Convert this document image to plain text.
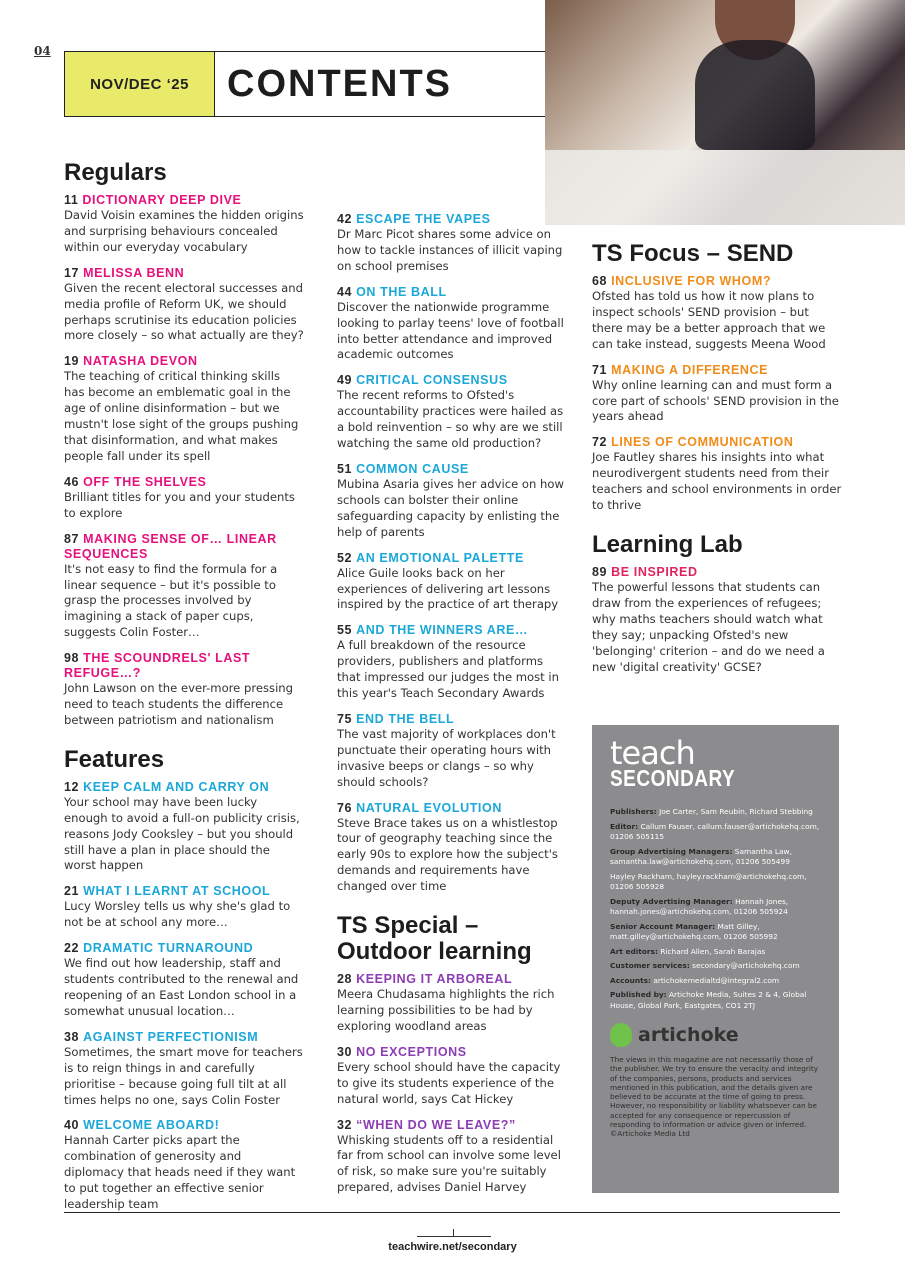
04
NOV/DEC ‘25	CONTENTS
Regulars
11 DICTIONARY DEEP DIVE
David Voisin examines the hidden origins and surprising behaviours concealed within our everyday vocabulary
17 MELISSA BENN
Given the recent electoral successes and media profile of Reform UK, we should perhaps scrutinise its education policies more closely – so what actually are they?
19 NATASHA DEVON
The teaching of critical thinking skills has become an emblematic goal in the age of online disinformation – but we mustn't lose sight of the groups pushing that disinformation, and what makes people fall under its spell
46 OFF THE SHELVES
Brilliant titles for you and your students to explore
87 MAKING SENSE OF… LINEAR SEQUENCES
It's not easy to find the formula for a linear sequence – but it's possible to grasp the processes involved by imagining a stack of paper cups, suggests Colin Foster…
98 THE SCOUNDRELS' LAST REFUGE…?
John Lawson on the ever-more pressing need to teach students the difference between patriotism and nationalism
Features
12 KEEP CALM AND CARRY ON
Your school may have been lucky enough to avoid a full-on publicity crisis, reasons Jody Cooksley – but you should still have a plan in place should the worst happen
21 WHAT I LEARNT AT SCHOOL
Lucy Worsley tells us why she's glad to not be at school any more…
22 DRAMATIC TURNAROUND
We find out how leadership, staff and students contributed to the renewal and reopening of an East London school in a somewhat unusual location…
38 AGAINST PERFECTIONISM
Sometimes, the smart move for teachers is to reign things in and carefully prioritise – because going full tilt at all times helps no one, says Colin Foster
40 WELCOME ABOARD!
Hannah Carter picks apart the combination of generosity and diplomacy that heads need if they want to put together an effective senior leadership team
42 ESCAPE THE VAPES
Dr Marc Picot shares some advice on how to tackle instances of illicit vaping on school premises
44 ON THE BALL
Discover the nationwide programme looking to parlay teens' love of football into better attendance and improved academic outcomes
49 CRITICAL CONSENSUS
The recent reforms to Ofsted's accountability practices were hailed as a bold reinvention – so why are we still watching the same old production?
51 COMMON CAUSE
Mubina Asaria gives her advice on how schools can bolster their online safeguarding capacity by enlisting the help of parents
52 AN EMOTIONAL PALETTE
Alice Guile looks back on her experiences of delivering art lessons inspired by the practice of art therapy
55 AND THE WINNERS ARE…
A full breakdown of the resource providers, publishers and platforms that impressed our judges the most in this year's Teach Secondary Awards
75 END THE BELL
The vast majority of workplaces don't punctuate their operating hours with invasive beeps or clangs – so why should schools?
76 NATURAL EVOLUTION
Steve Brace takes us on a whistlestop tour of geography teaching since the early 90s to explore how the subject's demands and requirements have changed over time
TS Special – Outdoor learning
28 KEEPING IT ARBOREAL
Meera Chudasama highlights the rich learning possibilities to be had by exploring woodland areas
30 NO EXCEPTIONS
Every school should have the capacity to give its students experience of the natural world, says Cat Hickey
32 “WHEN DO WE LEAVE?”
Whisking students off to a residential far from school can involve some level of risk, so make sure you're suitably prepared, advises Daniel Harvey
TS Focus – SEND
68 INCLUSIVE FOR WHOM?
Ofsted has told us how it now plans to inspect schools' SEND provision – but there may be a better approach that we can take instead, suggests Meena Wood
71 MAKING A DIFFERENCE
Why online learning can and must form a core part of schools' SEND provision in the years ahead
72 LINES OF COMMUNICATION
Joe Fautley shares his insights into what neurodivergent students need from their teachers and school environments in order to thrive
Learning Lab
89 BE INSPIRED
The powerful lessons that students can draw from the experiences of refugees; why maths teachers should watch what they say; unpacking Ofsted's new 'belonging' criterion – and do we need a new 'digital creativity' GCSE?
teach
SECONDARY
Publishers: Joe Carter, Sam Reubin, Richard Stebbing
Editor: Callum Fauser, callum.fauser@artichokehq.com, 01206 505115
Group Advertising Managers: Samantha Law, samantha.law@artichokehq.com, 01206 505499
Hayley Rackham, hayley.rackham@artichokehq.com, 01206 505928
Deputy Advertising Manager: Hannah Jones, hannah.jones@artichokehq.com, 01206 505924
Senior Account Manager: Matt Gilley, matt.gilley@artichokehq.com, 01206 505992
Art editors: Richard Allen, Sarah Barajas
Customer services: secondary@artichokehq.com
Accounts: artichokemedialtd@integral2.com
Published by: Artichoke Media, Suites 2 & 4, Global House, Global Park, Eastgates, CO1 2TJ
artichoke
The views in this magazine are not necessarily those of the publisher. We try to ensure the veracity and integrity of the companies, persons, products and services mentioned in this publication, and the details given are believed to be accurate at the time of going to press. However, no responsibility or liability whatsoever can be accepted for any consequence or repercussion of responding to information or advice given or inferred.
©Artichoke Media Ltd
teachwire.net/secondary
